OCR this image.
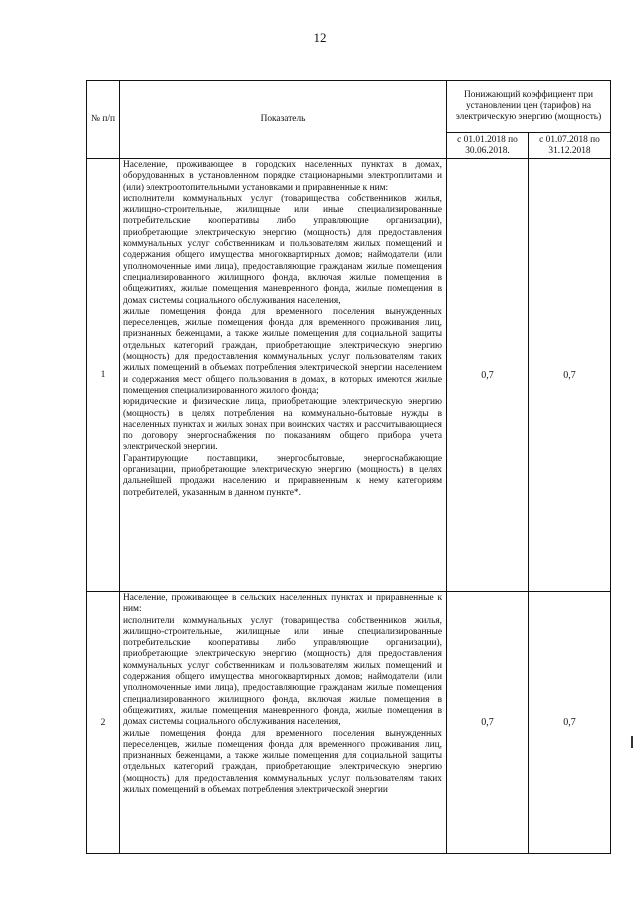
12
№ п/п	Показатель	Понижающий коэффициент при установлении цен (тарифов) на электрическую энергию (мощность)	
		с 01.01.2018 по 30.06.2018.	с 01.07.2018 по 31.12.2018
1	Население, проживающее в городских населенных пунктах в домах, оборудованных в установленном порядке стационарными электроплитами и (или) электроотопительными установками и приравненные к ним:

исполнители коммунальных услуг (товарищества собственников жилья, жилищно-строительные, жилищные или иные специализированные потребительские кооперативы либо управляющие организации), приобретающие электрическую энергию (мощность) для предоставления коммунальных услуг собственникам и пользователям жилых помещений и содержания общего имущества многоквартирных домов; наймодатели (или уполномоченные ими лица), предоставляющие гражданам жилые помещения специализированного жилищного фонда, включая жилые помещения в общежитиях, жилые помещения маневренного фонда, жилые помещения в домах системы социального обслуживания населения,

жилые помещения фонда для временного поселения вынужденных переселенцев, жилые помещения фонда для временного проживания лиц, признанных беженцами, а также жилые помещения для социальной защиты отдельных категорий граждан, приобретающие электрическую энергию (мощность) для предоставления коммунальных услуг пользователям таких жилых помещений в объемах потребления электрической энергии населением и содержания мест общего пользования в домах, в которых имеются жилые помещения специализированного жилого фонда;

юридические и физические лица, приобретающие электрическую энергию (мощность) в целях потребления на коммунально-бытовые нужды в населенных пунктах и жилых зонах при воинских частях и рассчитывающиеся по договору энергоснабжения по показаниям общего прибора учета электрической энергии.

Гарантирующие поставщики, энергосбытовые, энергоснабжающие организации, приобретающие электрическую энергию (мощность) в целях дальнейшей продажи населению и приравненным к нему категориям потребителей, указанным в данном пункте*.	0,7	0,7
2	Население, проживающее в сельских населенных пунктах и приравненные к ним:

исполнители коммунальных услуг (товарищества собственников жилья, жилищно-строительные, жилищные или иные специализированные потребительские кооперативы либо управляющие организации), приобретающие электрическую энергию (мощность) для предоставления коммунальных услуг собственникам и пользователям жилых помещений и содержания общего имущества многоквартирных домов; наймодатели (или уполномоченные ими лица), предоставляющие гражданам жилые помещения специализированного жилищного фонда, включая жилые помещения в общежитиях, жилые помещения маневренного фонда, жилые помещения в домах системы социального обслуживания населения,

жилые помещения фонда для временного поселения вынужденных переселенцев, жилые помещения фонда для временного проживания лиц, признанных беженцами, а также жилые помещения для социальной защиты отдельных категорий граждан, приобретающие электрическую энергию (мощность) для предоставления коммунальных услуг пользователям таких жилых помещений в объемах потребления электрической энергии	0,7	0,7
